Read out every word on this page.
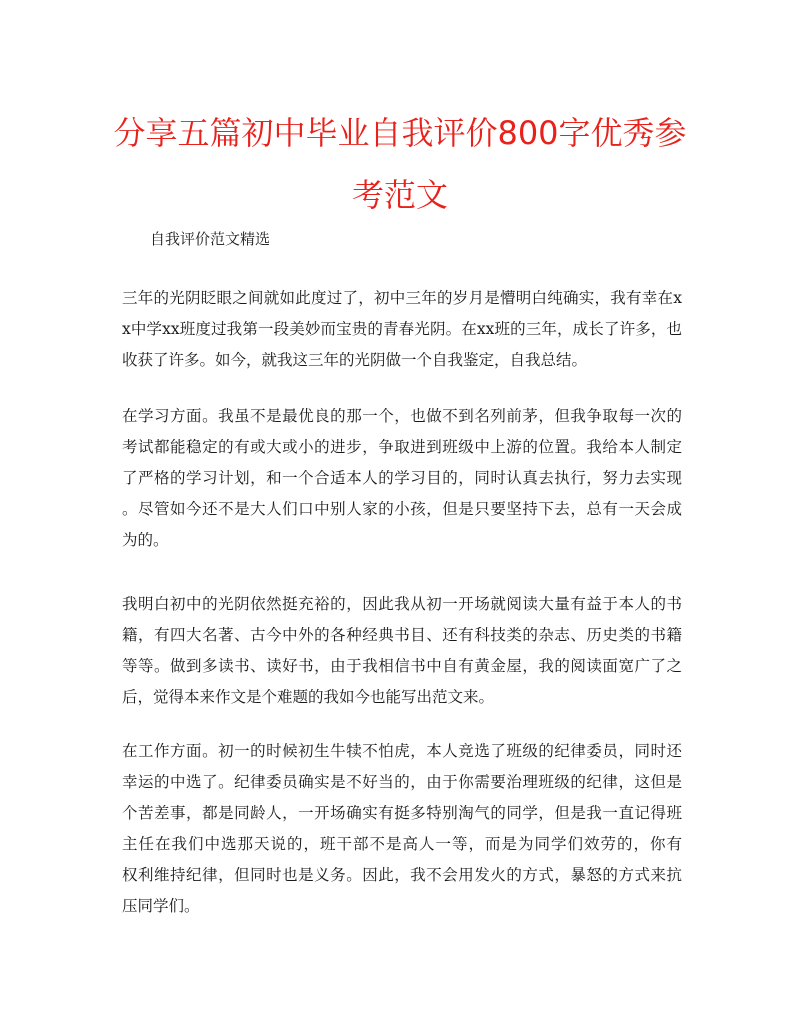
分享五篇初中毕业自我评价800字优秀参
考范文

自我评价范文精选

三年的光阴眨眼之间就如此度过了，初中三年的岁月是懵明白纯确实，我有幸在x
x中学xx班度过我第一段美妙而宝贵的青春光阴。在xx班的三年，成长了许多，也
收获了许多。如今，就我这三年的光阴做一个自我鉴定，自我总结。
在学习方面。我虽不是最优良的那一个，也做不到名列前茅，但我争取每一次的
考试都能稳定的有或大或小的进步，争取进到班级中上游的位置。我给本人制定
了严格的学习计划，和一个合适本人的学习目的，同时认真去执行，努力去实现
。尽管如今还不是大人们口中别人家的小孩，但是只要坚持下去，总有一天会成
为的。
我明白初中的光阴依然挺充裕的，因此我从初一开场就阅读大量有益于本人的书
籍，有四大名著、古今中外的各种经典书目、还有科技类的杂志、历史类的书籍
等等。做到多读书、读好书，由于我相信书中自有黄金屋，我的阅读面宽广了之
后，觉得本来作文是个难题的我如今也能写出范文来。
在工作方面。初一的时候初生牛犊不怕虎，本人竞选了班级的纪律委员，同时还
幸运的中选了。纪律委员确实是不好当的，由于你需要治理班级的纪律，这但是
个苦差事，都是同龄人，一开场确实有挺多特别淘气的同学，但是我一直记得班
主任在我们中选那天说的，班干部不是高人一等，而是为同学们效劳的，你有
权利维持纪律，但同时也是义务。因此，我不会用发火的方式，暴怒的方式来抗
压同学们。
